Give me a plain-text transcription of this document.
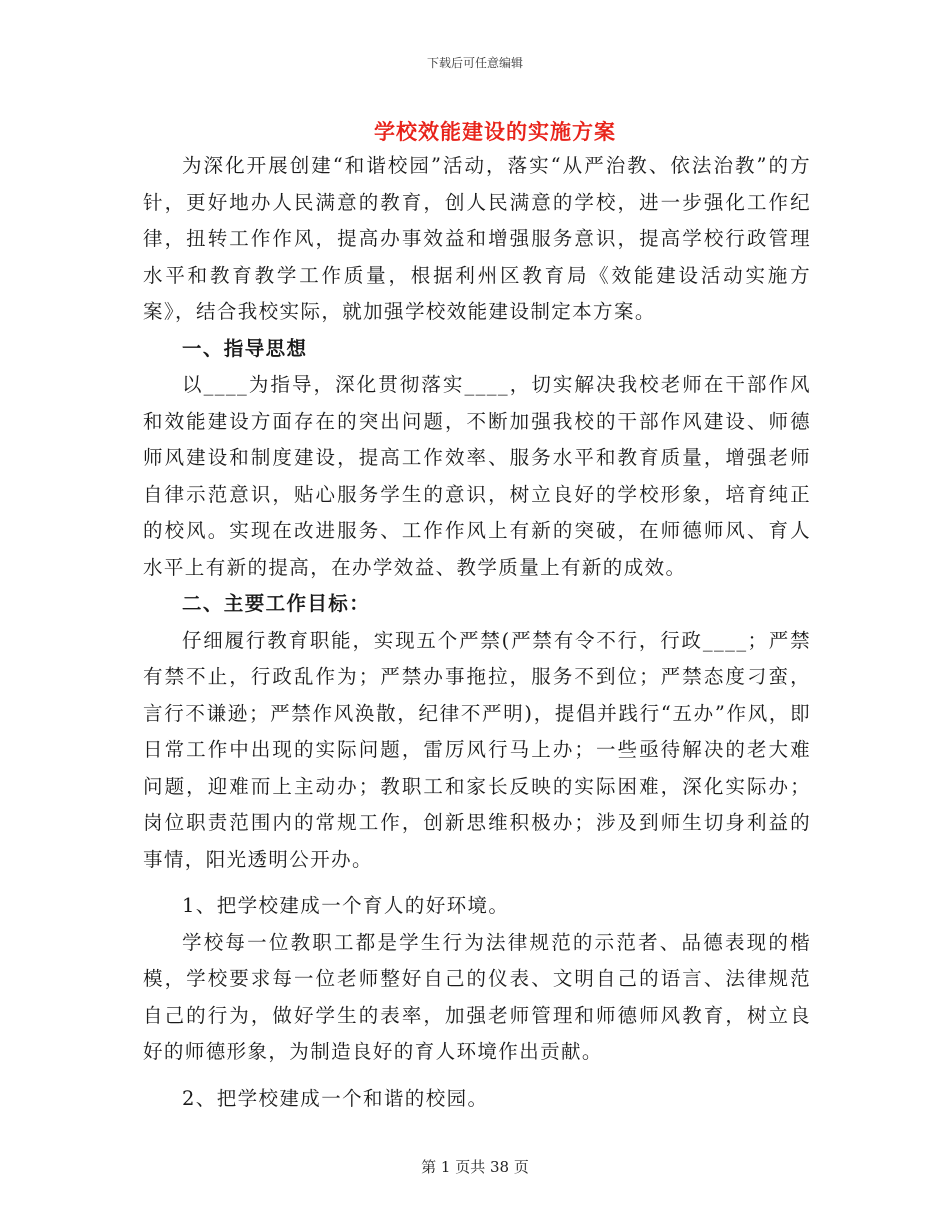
下载后可任意编辑
学校效能建设的实施方案

为深化开展创建“和谐校园”活动，落实“从严治教、依法治教”的方针，更好地办人民满意的教育，创人民满意的学校，进一步强化工作纪律，扭转工作作风，提高办事效益和增强服务意识，提高学校行政管理水平和教育教学工作质量，根据利州区教育局《效能建设活动实施方案》，结合我校实际，就加强学校效能建设制定本方案。

一、指导思想

以____为指导，深化贯彻落实____，切实解决我校老师在干部作风和效能建设方面存在的突出问题，不断加强我校的干部作风建设、师德师风建设和制度建设，提高工作效率、服务水平和教育质量，增强老师自律示范意识，贴心服务学生的意识，树立良好的学校形象，培育纯正的校风。实现在改进服务、工作作风上有新的突破，在师德师风、育人水平上有新的提高，在办学效益、教学质量上有新的成效。

二、主要工作目标：

仔细履行教育职能，实现五个严禁(严禁有令不行，行政____；严禁有禁不止，行政乱作为；严禁办事拖拉，服务不到位；严禁态度刁蛮，言行不谦逊；严禁作风涣散，纪律不严明)，提倡并践行“五办”作风，即日常工作中出现的实际问题，雷厉风行马上办；一些亟待解决的老大难问题，迎难而上主动办；教职工和家长反映的实际困难，深化实际办；岗位职责范围内的常规工作，创新思维积极办；涉及到师生切身利益的事情，阳光透明公开办。

1、把学校建成一个育人的好环境。

学校每一位教职工都是学生行为法律规范的示范者、品德表现的楷模，学校要求每一位老师整好自己的仪表、文明自己的语言、法律规范自己的行为，做好学生的表率，加强老师管理和师德师风教育，树立良好的师德形象，为制造良好的育人环境作出贡献。

2、把学校建成一个和谐的校园。

第 1 页共 38 页
